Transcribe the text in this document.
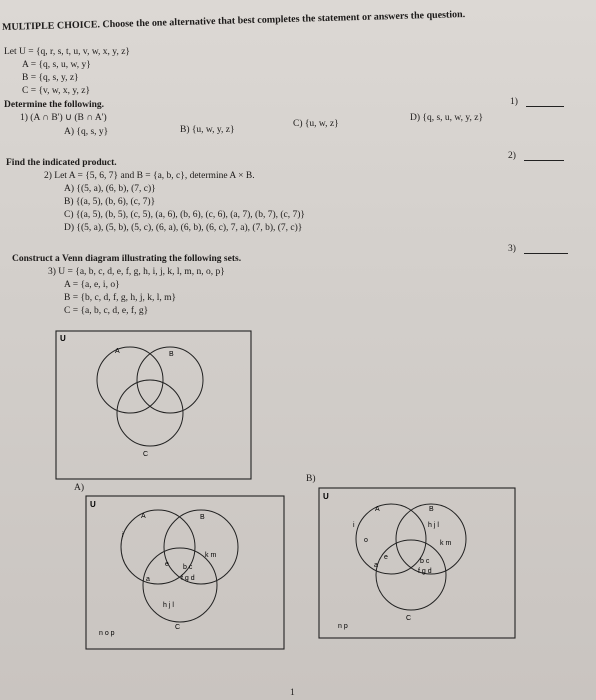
MULTIPLE CHOICE. Choose the one alternative that best completes the statement or answers the question.
Let U = {q, r, s, t, u, v, w, x, y, z}
A = {q, s, u, w, y}
B = {q, s, y, z}
C = {v, w, x, y, z}
Determine the following.
1) (A ∩ B') ∪ (B ∩ A')
A) {q, s, y}	B) {u, w, y, z}
C) {u, w, z}
D) {q, s, u, w, y, z}
1)
Find the indicated product.
2) Let A = {5, 6, 7} and B = {a, b, c}, determine A × B.
A) {(5, a), (6, b), (7, c)}
B) {(a, 5), (b, 6), (c, 7)}
C) {(a, 5), (b, 5), (c, 5), (a, 6), (b, 6), (c, 6), (a, 7), (b, 7), (c, 7)}
D) {(5, a), (5, b), (5, c), (6, a), (6, b), (6, c), 7, a), (7, b), (7, c)}
2)
Construct a Venn diagram illustrating the following sets.
3) U = {a, b, c, d, e, f, g, h, i, j, k, l, m, n, o, p}
A = {a, e, i, o}
B = {b, c, d, f, g, h, j, k, l, m}
C = {a, b, c, d, e, f, g}
3)
U
A	B
C
A)
U
A	B
C
i
k m
e
a
b c
f g d
h j l
n o p
B)
U
A	B
C
i
o
h j l
k m
e
a
b c
f g d
n p
1
